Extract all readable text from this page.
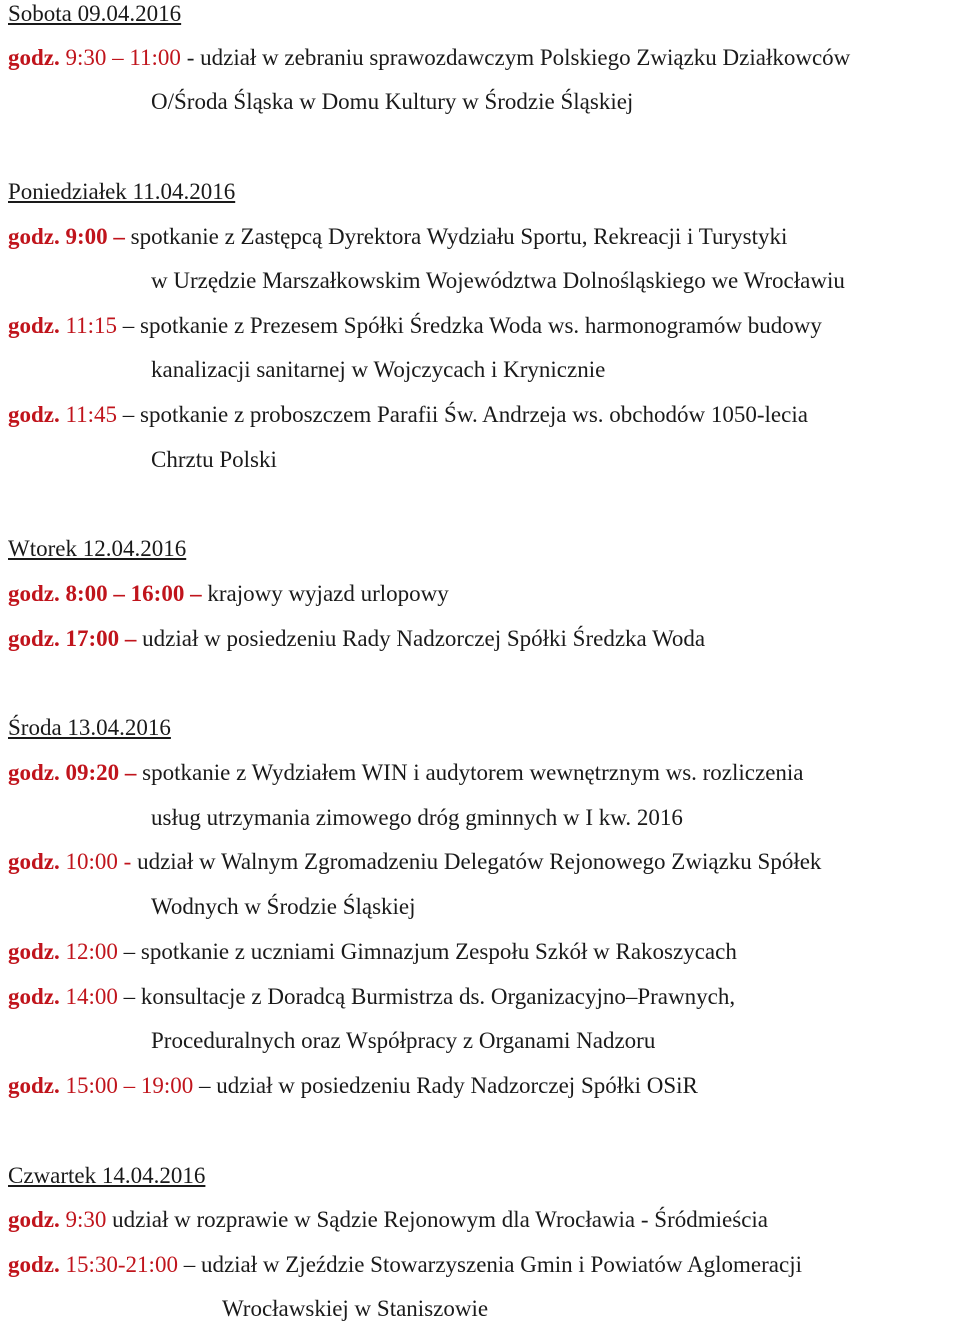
Sobota 09.04.2016
godz. 9:30 – 11:00 - udział w zebraniu sprawozdawczym Polskiego Związku Działkowców
O/Środa Śląska w Domu Kultury w Środzie Śląskiej
Poniedziałek 11.04.2016
godz. 9:00 – spotkanie z Zastępcą Dyrektora Wydziału Sportu, Rekreacji i Turystyki
w Urzędzie Marszałkowskim Województwa Dolnośląskiego we Wrocławiu
godz. 11:15 – spotkanie z Prezesem Spółki Średzka Woda ws. harmonogramów budowy
kanalizacji sanitarnej w Wojczycach i Krynicznie
godz. 11:45 – spotkanie z proboszczem Parafii Św. Andrzeja ws. obchodów 1050-lecia
Chrztu Polski
Wtorek 12.04.2016
godz. 8:00 – 16:00 – krajowy wyjazd urlopowy
godz. 17:00 – udział w posiedzeniu Rady Nadzorczej Spółki Średzka Woda
Środa 13.04.2016
godz. 09:20 – spotkanie z Wydziałem WIN i audytorem wewnętrznym ws. rozliczenia
usług utrzymania zimowego dróg gminnych w I kw. 2016
godz. 10:00 - udział w Walnym Zgromadzeniu Delegatów Rejonowego Związku Spółek
Wodnych w Środzie Śląskiej
godz. 12:00 – spotkanie z uczniami Gimnazjum Zespołu Szkół w Rakoszycach
godz. 14:00 – konsultacje z Doradcą Burmistrza ds. Organizacyjno–Prawnych,
Proceduralnych oraz Współpracy z Organami Nadzoru
godz. 15:00 – 19:00 – udział w posiedzeniu Rady Nadzorczej Spółki OSiR
Czwartek 14.04.2016
godz. 9:30 udział w rozprawie w Sądzie Rejonowym dla Wrocławia - Śródmieścia
godz. 15:30-21:00 – udział w Zjeździe Stowarzyszenia Gmin i Powiatów Aglomeracji
Wrocławskiej w Staniszowie
